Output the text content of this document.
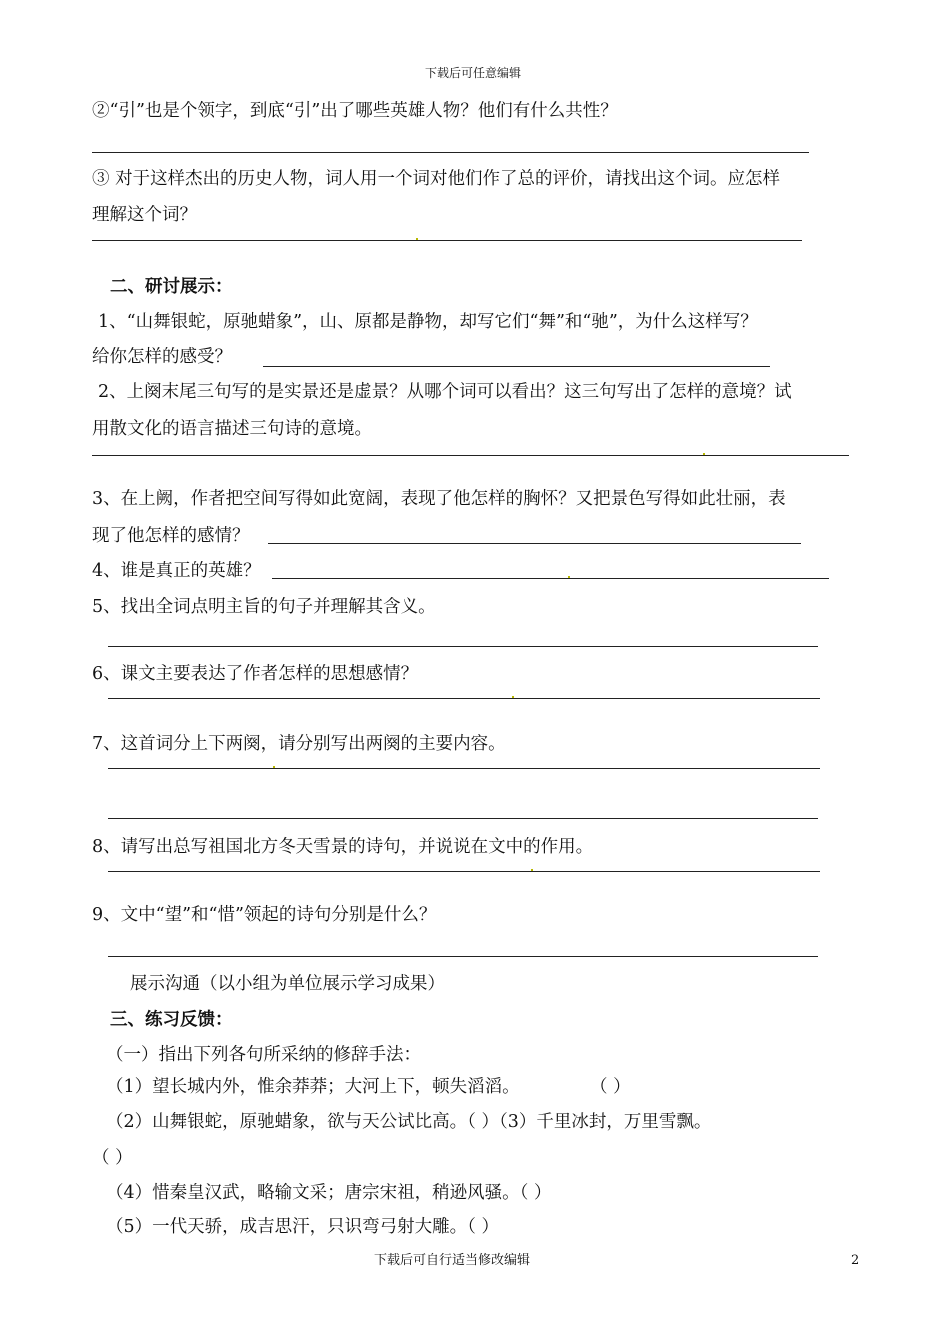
下载后可任意编辑
②“引”也是个领字，到底“引”出了哪些英雄人物？他们有什么共性？
③ 对于这样杰出的历史人物，词人用一个词对他们作了总的评价，请找出这个词。应怎样
理解这个词？
二、研讨展示：
1、“山舞银蛇，原驰蜡象”，山、原都是静物，却写它们“舞”和“驰”，为什么这样写？
给你怎样的感受？
2、上阕末尾三句写的是实景还是虚景？从哪个词可以看出？这三句写出了怎样的意境？试
用散文化的语言描述三句诗的意境。
3、在上阙，作者把空间写得如此宽阔，表现了他怎样的胸怀？又把景色写得如此壮丽，表
现了他怎样的感情？
4、谁是真正的英雄？
5、找出全词点明主旨的句子并理解其含义。
6、课文主要表达了作者怎样的思想感情？
7、这首词分上下两阕，请分别写出两阕的主要内容。
8、请写出总写祖国北方冬天雪景的诗句，并说说在文中的作用。
9、文中“望”和“惜”领起的诗句分别是什么？
展示沟通（以小组为单位展示学习成果）
三、练习反馈：
（一）指出下列各句所采纳的修辞手法：
（1）望长城内外，惟余莽莽；大河上下，顿失滔滔。	（ ）
（2）山舞银蛇，原驰蜡象，欲与天公试比高。（ ）（3）千里冰封，万里雪飘。
（ ）
（4）惜秦皇汉武，略输文采；唐宗宋祖，稍逊风骚。（ ）
（5）一代天骄，成吉思汗，只识弯弓射大雕。（ ）
下载后可自行适当修改编辑	2
